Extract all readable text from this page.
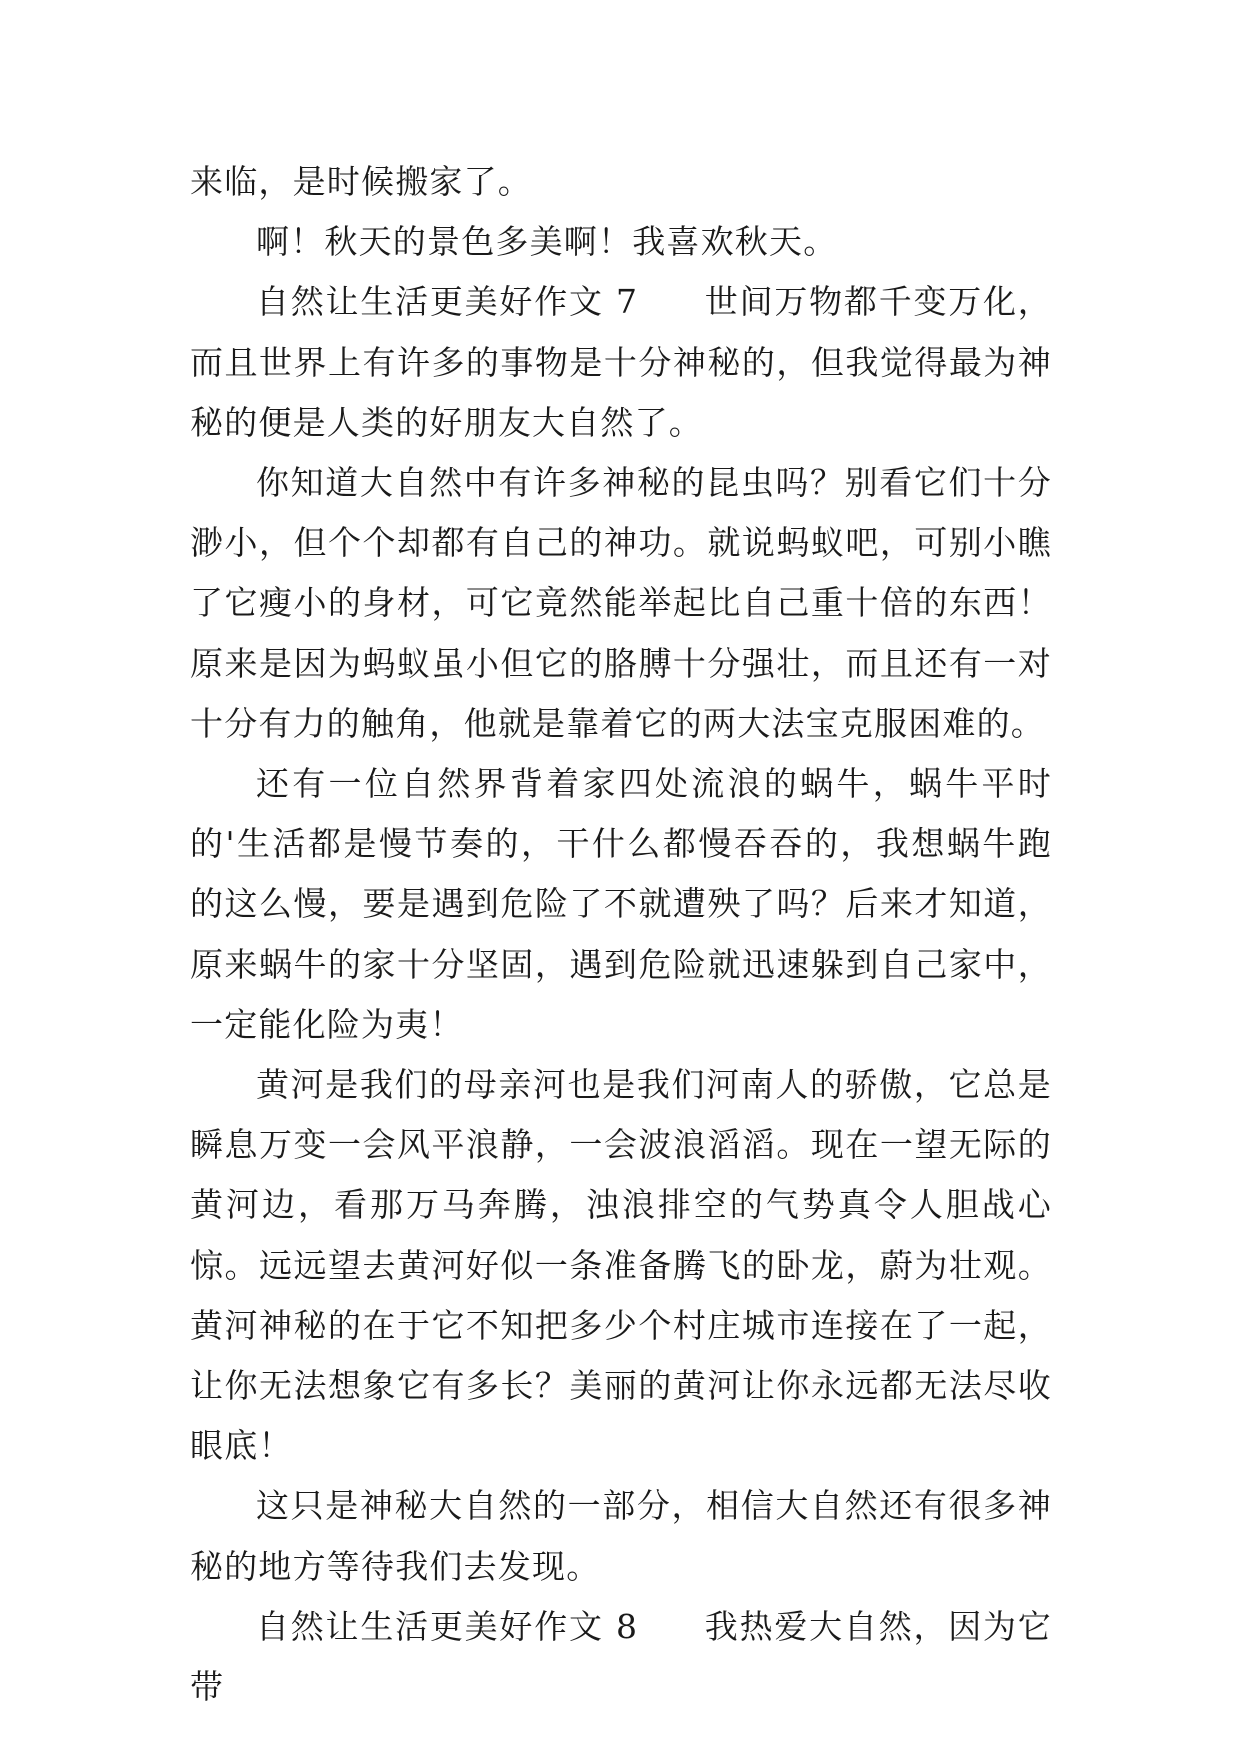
来临，是时候搬家了。

啊！秋天的景色多美啊！我喜欢秋天。

自然让生活更美好作文 7 世间万物都千变万化，而且世界上有许多的事物是十分神秘的，但我觉得最为神秘的便是人类的好朋友大自然了。

你知道大自然中有许多神秘的昆虫吗？别看它们十分渺小，但个个却都有自己的神功。就说蚂蚁吧，可别小瞧了它瘦小的身材，可它竟然能举起比自己重十倍的东西！原来是因为蚂蚁虽小但它的胳膊十分强壮，而且还有一对十分有力的触角，他就是靠着它的两大法宝克服困难的。

还有一位自然界背着家四处流浪的蜗牛，蜗牛平时的'生活都是慢节奏的，干什么都慢吞吞的，我想蜗牛跑的这么慢，要是遇到危险了不就遭殃了吗？后来才知道，原来蜗牛的家十分坚固，遇到危险就迅速躲到自己家中，一定能化险为夷！

黄河是我们的母亲河也是我们河南人的骄傲，它总是瞬息万变一会风平浪静，一会波浪滔滔。现在一望无际的黄河边，看那万马奔腾，浊浪排空的气势真令人胆战心惊。远远望去黄河好似一条准备腾飞的卧龙，蔚为壮观。黄河神秘的在于它不知把多少个村庄城市连接在了一起，让你无法想象它有多长？美丽的黄河让你永远都无法尽收眼底！

这只是神秘大自然的一部分，相信大自然还有很多神秘的地方等待我们去发现。

自然让生活更美好作文 8 我热爱大自然，因为它带
